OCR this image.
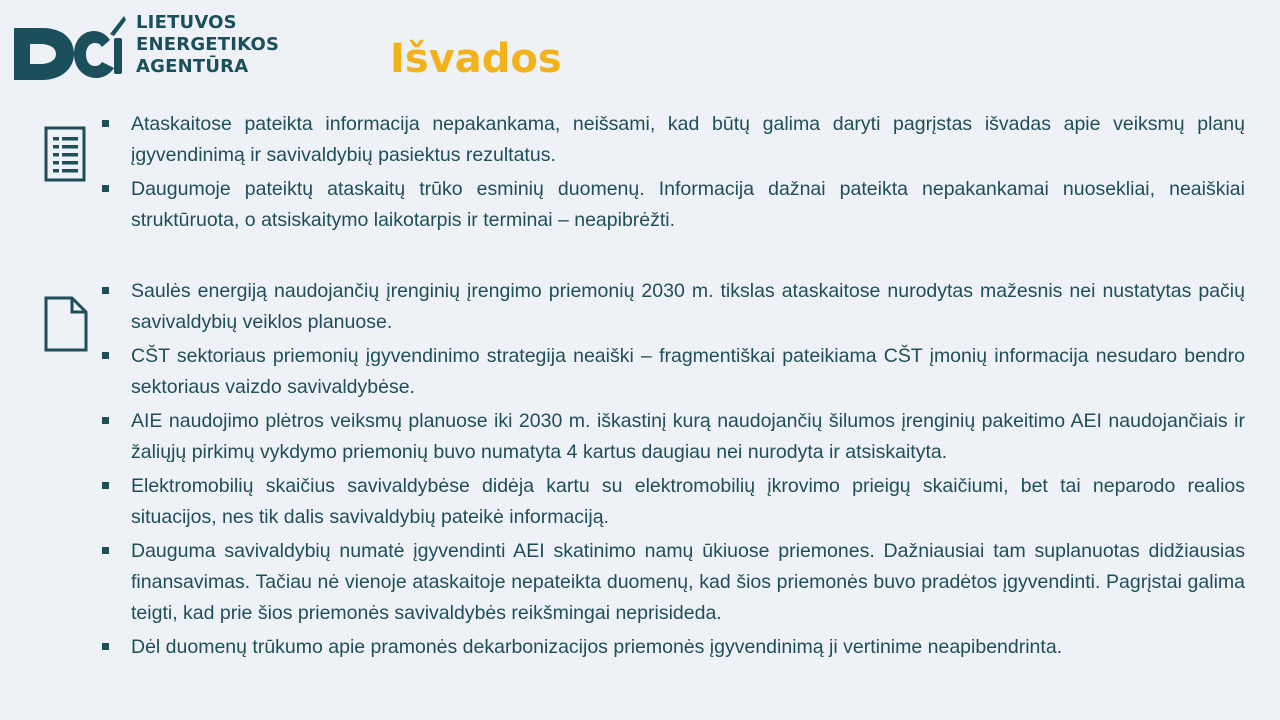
LIETUVOS
ENERGETIKOS
AGENTŪRA	Išvados
Ataskaitose pateikta informacija nepakankama, neišsami, kad būtų galima daryti pagrįstas išvadas apie veiksmų planų įgyvendinimą ir savivaldybių pasiektus rezultatus.
Daugumoje pateiktų ataskaitų trūko esminių duomenų. Informacija dažnai pateikta nepakankamai nuosekliai, neaiškiai struktūruota, o atsiskaitymo laikotarpis ir terminai – neapibrėžti.
Saulės energiją naudojančių įrenginių įrengimo priemonių 2030 m. tikslas ataskaitose nurodytas mažesnis nei nustatytas pačių savivaldybių veiklos planuose.
CŠT sektoriaus priemonių įgyvendinimo strategija neaiški – fragmentiškai pateikiama CŠT įmonių informacija nesudaro bendro sektoriaus vaizdo savivaldybėse.
AIE naudojimo plėtros veiksmų planuose iki 2030 m. iškastinį kurą naudojančių šilumos įrenginių pakeitimo AEI naudojančiais ir žaliųjų pirkimų vykdymo priemonių buvo numatyta 4 kartus daugiau nei nurodyta ir atsiskaityta.
Elektromobilių skaičius savivaldybėse didėja kartu su elektromobilių įkrovimo prieigų skaičiumi, bet tai neparodo realios situacijos, nes tik dalis savivaldybių pateikė informaciją.
Dauguma savivaldybių numatė įgyvendinti AEI skatinimo namų ūkiuose priemones. Dažniausiai tam suplanuotas didžiausias finansavimas. Tačiau nė vienoje ataskaitoje nepateikta duomenų, kad šios priemonės buvo pradėtos įgyvendinti. Pagrįstai galima teigti, kad prie šios priemonės savivaldybės reikšmingai neprisideda.
Dėl duomenų trūkumo apie pramonės dekarbonizacijos priemonės įgyvendinimą ji vertinime neapibendrinta.
